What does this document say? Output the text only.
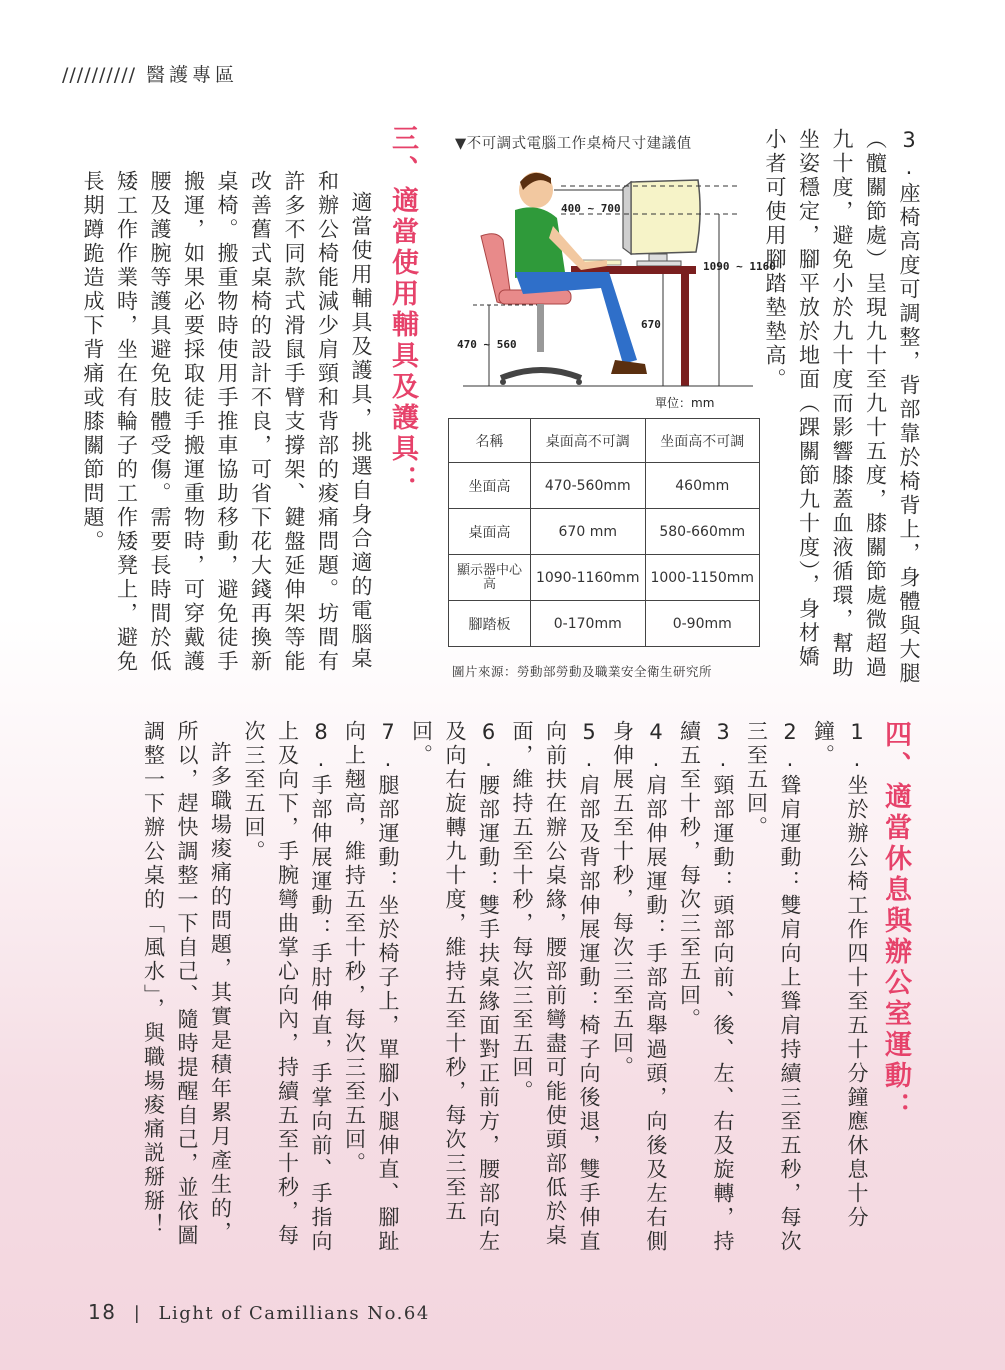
////////// 醫護專區

3.座椅高度可調整，背部靠於椅背上，身體與大腿（髖關節處）呈現九十至九十五度，膝關節處微超過九十度，避免小於九十度而影響膝蓋血液循環，幫助坐姿穩定，腳平放於地面（踝關節九十度），身材嬌小者可使用腳踏墊墊高。

▼不可調式電腦工作桌椅尺寸建議值
400 ~ 700
1090 ~ 1160
670
470 ~ 560
單位：mm
名稱	桌面高不可調	坐面高不可調
坐面高	470-560mm	460mm
桌面高	670 mm	580-660mm
顯示器中心高	1090-1160mm	1000-1150mm
腳踏板	0-170mm	0-90mm
圖片來源：勞動部勞動及職業安全衛生研究所
三、適當使用輔具及護具：

適當使用輔具及護具，挑選自身合適的電腦桌和辦公椅能減少肩頸和背部的痠痛問題。坊間有許多不同款式滑鼠手臂支撐架、鍵盤延伸架等能改善舊式桌椅的設計不良，可省下花大錢再換新桌椅。搬重物時使用手推車協助移動，避免徒手搬運，如果必要採取徒手搬運重物時，可穿戴護腰及護腕等護具避免肢體受傷。需要長時間於低矮工作作業時，坐在有輪子的工作矮凳上，避免長期蹲跪造成下背痛或膝關節問題。

四、適當休息與辦公室運動：

1.坐於辦公椅工作四十至五十分鐘應休息十分鐘。

2.聳肩運動：雙肩向上聳肩持續三至五秒，每次三至五回。

3.頸部運動：頭部向前、後、左、右及旋轉，持續五至十秒，每次三至五回。

4.肩部伸展運動：手部高舉過頭，向後及左右側身伸展五至十秒，每次三至五回。

5.肩部及背部伸展運動：椅子向後退，雙手伸直向前扶在辦公桌緣，腰部前彎盡可能使頭部低於桌面，維持五至十秒，每次三至五回。

6.腰部運動：雙手扶桌緣面對正前方，腰部向左及向右旋轉九十度，維持五至十秒，每次三至五回。

7.腿部運動：坐於椅子上，單腳小腿伸直、腳趾向上翹高，維持五至十秒，每次三至五回。

8.手部伸展運動：手肘伸直，手掌向前、手指向上及向下，手腕彎曲掌心向內，持續五至十秒，每次三至五回。

許多職場痠痛的問題，其實是積年累月產生的，所以，趕快調整一下自己、隨時提醒自己，並依圖調整一下辦公桌的「風水」，與職場痠痛説掰掰！

18 | Light of Camillians No.64
